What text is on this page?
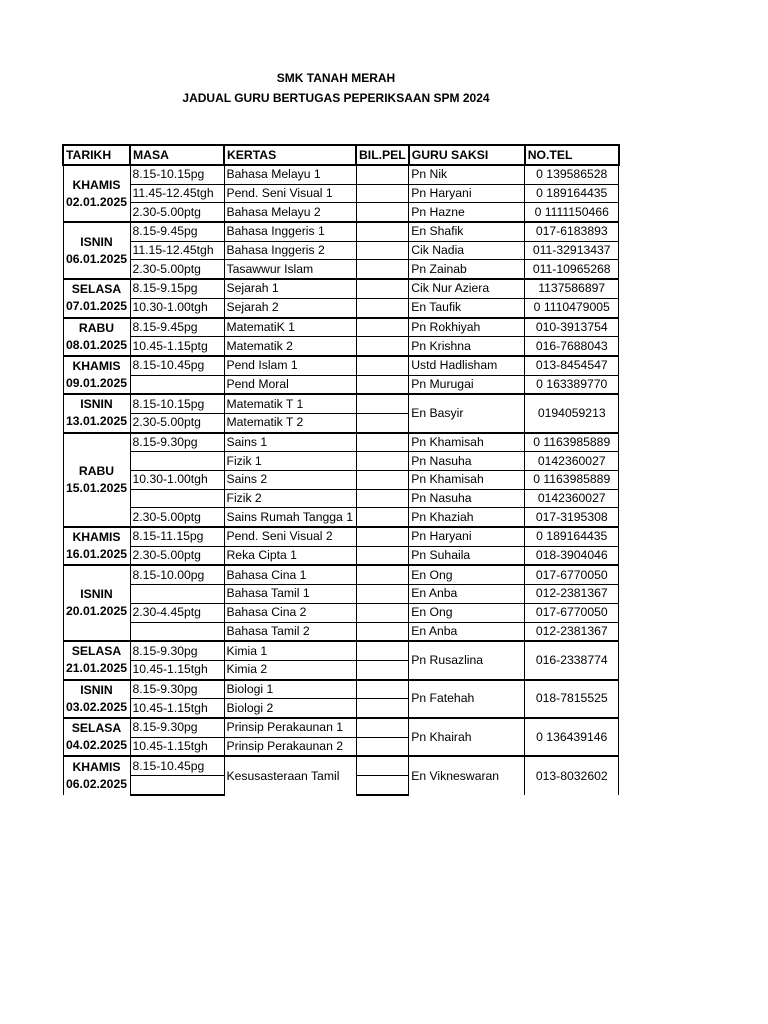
SMK TANAH MERAH
JADUAL GURU BERTUGAS PEPERIKSAAN SPM 2024
TARIKH	MASA	KERTAS	BIL.PEL	GURU SAKSI	NO.TEL

KHAMIS
02.01.2025	8.15-10.15pg	Bahasa Melayu 1		Pn Nik	0 139586528
	11.45-12.45tgh	Pend. Seni Visual 1		Pn Haryani	0 189164435
	2.30-5.00ptg	Bahasa Melayu 2		Pn Hazne	0 1111150466

ISNIN
06.01.2025	8.15-9.45pg	Bahasa Inggeris 1		En Shafik	017-6183893
	11.15-12.45tgh	Bahasa Inggeris 2		Cik Nadia	011-32913437
	2.30-5.00ptg	Tasawwur Islam		Pn Zainab	011-10965268

SELASA
07.01.2025	8.15-9.15pg	Sejarah 1		Cik Nur Aziera	1137586897
	10.30-1.00tgh	Sejarah 2		En Taufik	0 1110479005

RABU
08.01.2025	8.15-9.45pg	MatematiK 1		Pn Rokhiyah	010-3913754
	10.45-1.15ptg	Matematik 2		Pn Krishna	016-7688043

KHAMIS
09.01.2025	8.15-10.45pg	Pend Islam 1		Ustd Hadlisham	013-8454547
		Pend Moral		Pn Murugai	0 163389770

ISNIN
13.01.2025	8.15-10.15pg	Matematik T 1		En Basyir	0194059213
	2.30-5.00ptg	Matematik T 2			

RABU
15.01.2025	8.15-9.30pg	Sains 1		Pn Khamisah	0 1163985889
		Fizik 1		Pn Nasuha	0142360027
	10.30-1.00tgh	Sains 2		Pn Khamisah	0 1163985889
		Fizik 2		Pn Nasuha	0142360027
	2.30-5.00ptg	Sains Rumah Tangga 1		Pn Khaziah	017-3195308

KHAMIS
16.01.2025	8.15-11.15pg	Pend. Seni Visual 2		Pn Haryani	0 189164435
	2.30-5.00ptg	Reka Cipta 1		Pn Suhaila	018-3904046

ISNIN
20.01.2025	8.15-10.00pg	Bahasa Cina 1		En Ong	017-6770050
		Bahasa Tamil 1		En Anba	012-2381367
	2.30-4.45ptg	Bahasa Cina 2		En Ong	017-6770050
		Bahasa Tamil 2		En Anba	012-2381367

SELASA
21.01.2025	8.15-9.30pg	Kimia 1		Pn Rusazlina	016-2338774
	10.45-1.15tgh	Kimia 2			

ISNIN
03.02.2025	8.15-9.30pg	Biologi 1		Pn Fatehah	018-7815525
	10.45-1.15tgh	Biologi 2			

SELASA
04.02.2025	8.15-9.30pg	Prinsip Perakaunan 1		Pn Khairah	0 136439146
	10.45-1.15tgh	Prinsip Perakaunan 2			

KHAMIS
06.02.2025	8.15-10.45pg	Kesusasteraan Tamil		En Vikneswaran	013-8032602
